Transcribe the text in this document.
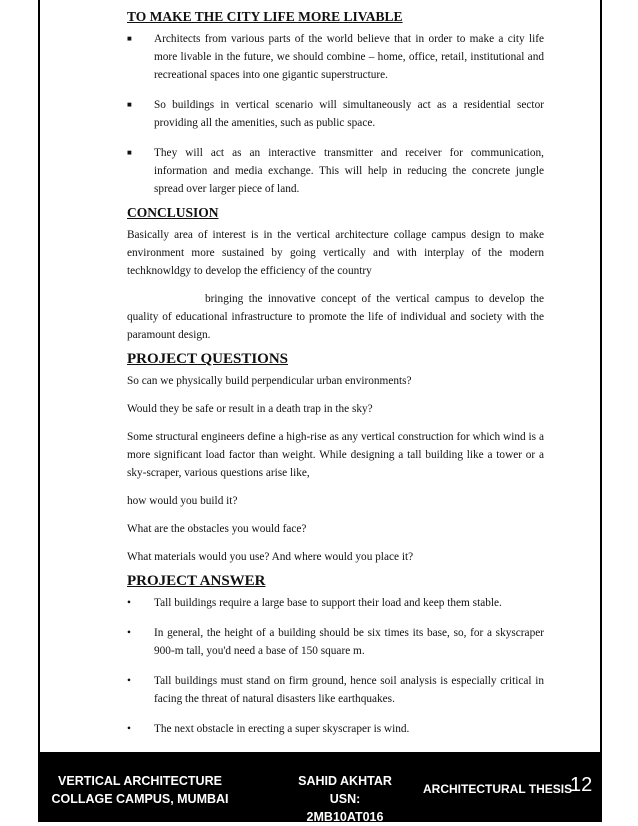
TO MAKE THE CITY LIFE MORE LIVABLE
■ Architects from various parts of the world believe that in order to make a city life more livable in the future, we should combine – home, office, retail, institutional and recreational spaces into one gigantic superstructure.
■ So buildings in vertical scenario will simultaneously act as a residential sector providing all the amenities, such as public space.
■ They will act as an interactive transmitter and receiver for communication, information and media exchange. This will help in reducing the concrete jungle spread over larger piece of land.
CONCLUSION
Basically area of interest is in the vertical architecture collage campus design to make environment more sustained by going vertically and with interplay of the modern techknowldgy to develop the efficiency of the country
bringing the innovative concept of the vertical campus to develop the quality of educational infrastructure to promote the life of individual and society with the paramount design.
PROJECT QUESTIONS
So can we physically build perpendicular urban environments?
Would they be safe or result in a death trap in the sky?
Some structural engineers define a high-rise as any vertical construction for which wind is a more significant load factor than weight. While designing a tall building like a tower or a sky-scraper, various questions arise like,
how would you build it?
What are the obstacles you would face?
What materials would you use? And where would you place it?
PROJECT ANSWER
• Tall buildings require a large base to support their load and keep them stable.
• In general, the height of a building should be six times its base, so, for a skyscraper 900-m tall, you'd need a base of 150 square m.
• Tall buildings must stand on firm ground, hence soil analysis is especially critical in facing the threat of natural disasters like earthquakes.
• The next obstacle in erecting a super skyscraper is wind.
VERTICAL ARCHITECTURE
COLLAGE CAMPUS, MUMBAI
SAHID AKHTAR
USN: 2MB10AT016
ARCHITECTURAL THESIS
12
